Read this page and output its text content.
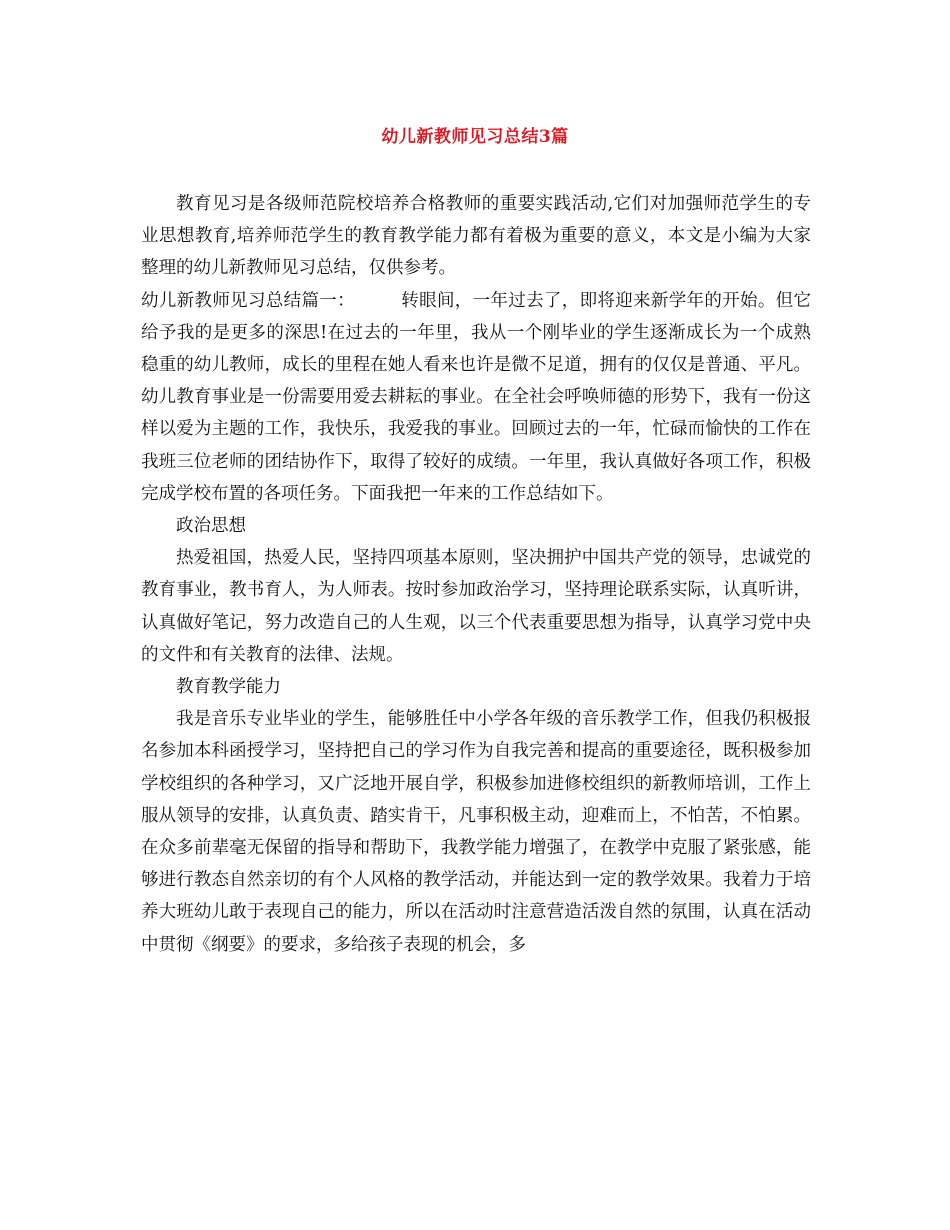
幼儿新教师见习总结3篇

教育见习是各级师范院校培养合格教师的重要实践活动,它们对加强师范学生的专业思想教育,培养师范学生的教育教学能力都有着极为重要的意义，本文是小编为大家整理的幼儿新教师见习总结，仅供参考。

幼儿新教师见习总结篇一：	转眼间，一年过去了，即将迎来新学年的开始。但它给予我的是更多的深思!在过去的一年里，我从一个刚毕业的学生逐渐成长为一个成熟稳重的幼儿教师，成长的里程在她人看来也许是微不足道，拥有的仅仅是普通、平凡。幼儿教育事业是一份需要用爱去耕耘的事业。在全社会呼唤师德的形势下，我有一份这样以爱为主题的工作，我快乐，我爱我的事业。回顾过去的一年，忙碌而愉快的工作在我班三位老师的团结协作下，取得了较好的成绩。一年里，我认真做好各项工作，积极完成学校布置的各项任务。下面我把一年来的工作总结如下。

政治思想

热爱祖国，热爱人民，坚持四项基本原则，坚决拥护中国共产党的领导，忠诚党的教育事业，教书育人，为人师表。按时参加政治学习，坚持理论联系实际，认真听讲，认真做好笔记，努力改造自己的人生观，以三个代表重要思想为指导，认真学习党中央的文件和有关教育的法律、法规。

教育教学能力

我是音乐专业毕业的学生，能够胜任中小学各年级的音乐教学工作，但我仍积极报名参加本科函授学习，坚持把自己的学习作为自我完善和提高的重要途径，既积极参加学校组织的各种学习，又广泛地开展自学，积极参加进修校组织的新教师培训，工作上服从领导的安排，认真负责、踏实肯干，凡事积极主动，迎难而上，不怕苦，不怕累。在众多前辈毫无保留的指导和帮助下，我教学能力增强了，在教学中克服了紧张感，能够进行教态自然亲切的有个人风格的教学活动，并能达到一定的教学效果。我着力于培养大班幼儿敢于表现自己的能力，所以在活动时注意营造活泼自然的氛围，认真在活动中贯彻《纲要》的要求，多给孩子表现的机会，多
